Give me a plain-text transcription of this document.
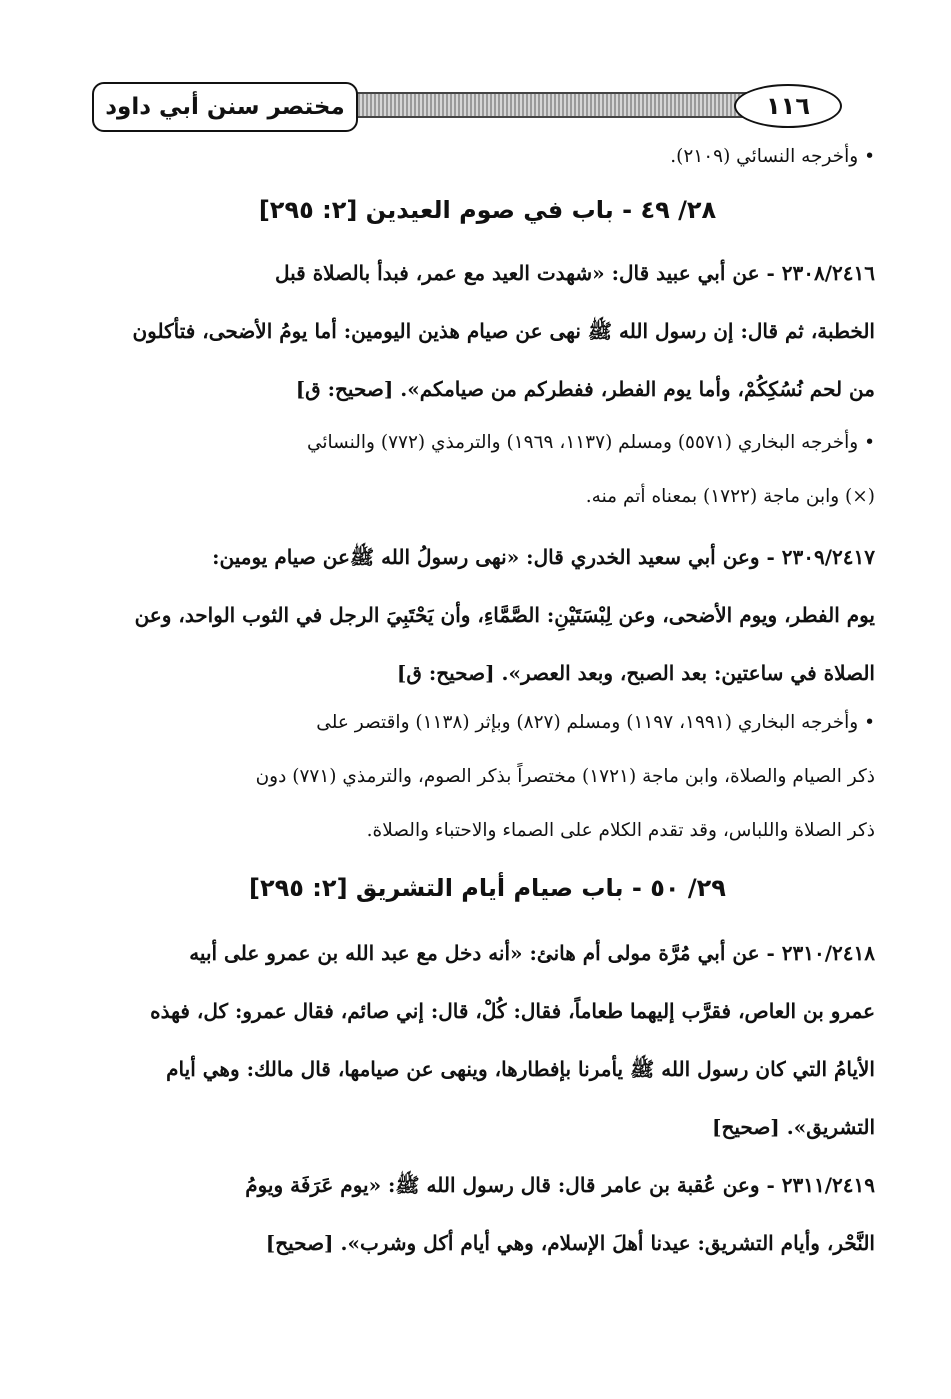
مختصر سنن أبي داود	١١٦
• وأخرجه النسائي (٢١٠٩).
٢٨/ ٤٩ - باب في صوم العيدين [٢: ٢٩٥]
٢٣٠٨/٢٤١٦ - عن أبي عبيد قال: «شهدت العيد مع عمر، فبدأ بالصلاة قبل
الخطبة، ثم قال: إن رسول الله ﷺ نهى عن صيام هذين اليومين: أما يومُ الأضحى، فتأكلون
من لحم نُسُكِكُمْ، وأما يوم الفطر، ففطركم من صيامكم». [صحيح: ق]
• وأخرجه البخاري (٥٥٧١) ومسلم (١١٣٧، ١٩٦٩) والترمذي (٧٧٢) والنسائي
(×) وابن ماجة (١٧٢٢) بمعناه أتم منه.
٢٣٠٩/٢٤١٧ - وعن أبي سعيد الخدري قال: «نهى رسولُ الله ﷺعن صيام يومين:
يوم الفطر، ويوم الأضحى، وعن لِبْسَتَيْنِ: الصَّمَّاءِ، وأن يَحْتَبِيَ الرجل في الثوب الواحد، وعن
الصلاة في ساعتين: بعد الصبح، وبعد العصر». [صحيح: ق]
• وأخرجه البخاري (١٩٩١، ١١٩٧) ومسلم (٨٢٧) وبإثر (١١٣٨) واقتصر على
ذكر الصيام والصلاة، وابن ماجة (١٧٢١) مختصراً بذكر الصوم، والترمذي (٧٧١) دون
ذكر الصلاة واللباس، وقد تقدم الكلام على الصماء والاحتباء والصلاة.
٢٩/ ٥٠ - باب صيام أيام التشريق [٢: ٢٩٥]
٢٣١٠/٢٤١٨ - عن أبي مُرَّة مولى أم هانئ: «أنه دخل مع عبد الله بن عمرو على أبيه
عمرو بن العاص، فقرَّب إليهما طعاماً، فقال: كُلْ، قال: إني صائم، فقال عمرو: كل، فهذه
الأيامُ التي كان رسول الله ﷺ يأمرنا بإفطارها، وينهى عن صيامها، قال مالك: وهي أيام
التشريق». [صحيح]
٢٣١١/٢٤١٩ - وعن عُقبة بن عامر قال: قال رسول الله ﷺ: «يوم عَرَفَة ويومُ
النَّحْر، وأيام التشريق: عيدنا أهلَ الإسلام، وهي أيام أكل وشرب». [صحيح]
